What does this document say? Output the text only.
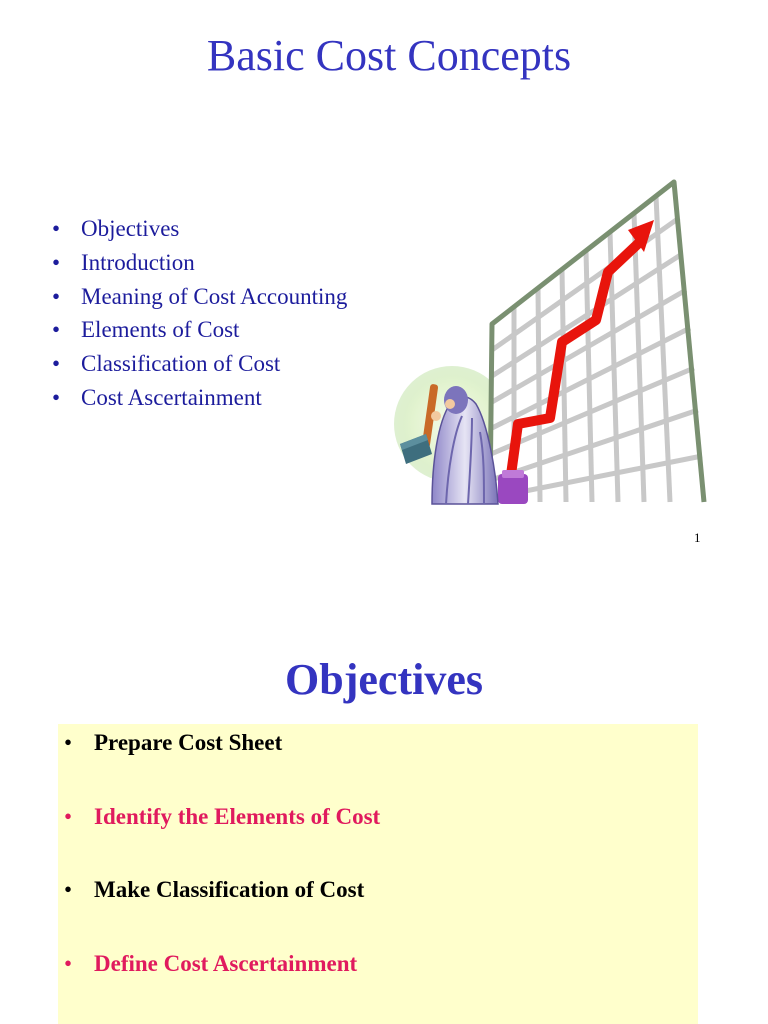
Basic Cost Concepts
• Objectives
• Introduction
• Meaning of Cost Accounting
• Elements of Cost
• Classification of Cost
• Cost Ascertainment
1
Objectives
• Prepare Cost Sheet
• Identify the Elements of Cost
• Make Classification of Cost
• Define Cost Ascertainment
